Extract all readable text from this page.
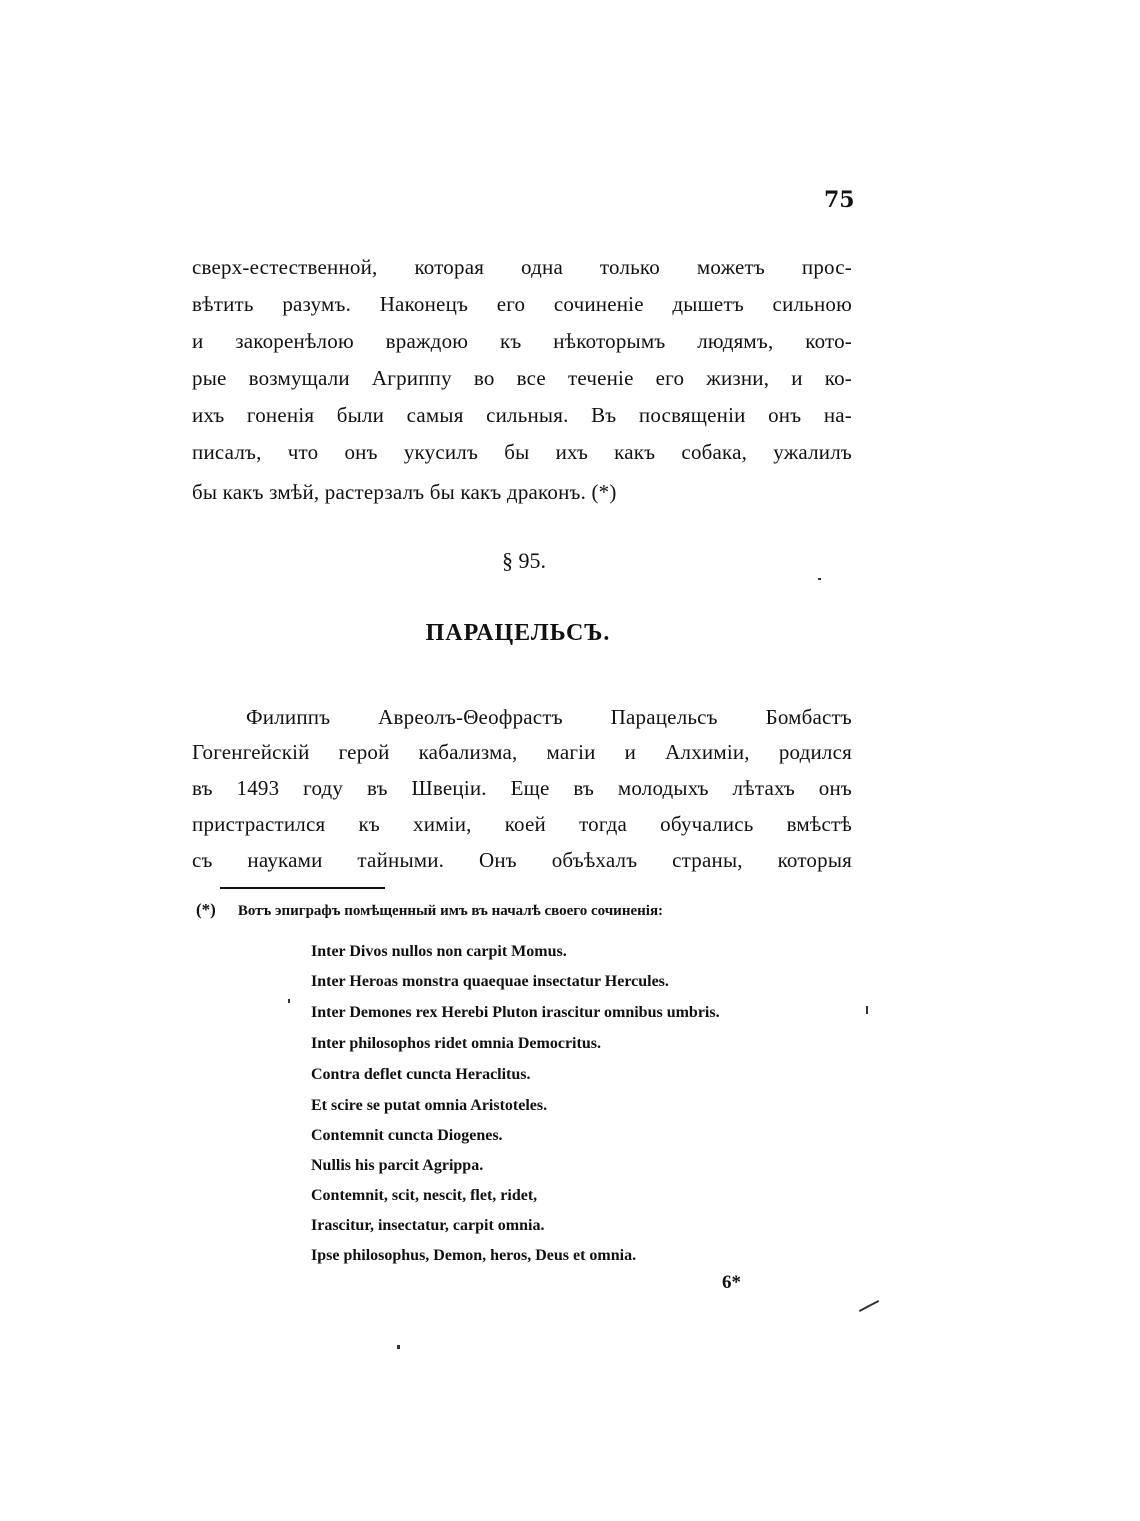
75
сверх-естественной, которая одна только можетъ прос-
вѣтить разумъ. Наконецъ его сочиненіе дышетъ сильною
и закоренѣлою враждою къ нѣкоторымъ людямъ, кото-
рые возмущали Агриппу во все теченіе его жизни, и ко-
ихъ гоненія были самыя сильныя. Въ посвященіи онъ на-
писалъ, что онъ укусилъ бы ихъ какъ собака, ужалилъ
бы какъ змѣй, растерзалъ бы какъ драконъ. (*)
§ 95.
ПАРАЦЕЛЬСЪ.
Филиппъ Авреолъ-Θеофрастъ Парацельсъ Бомбастъ
Гогенгейскій герой кабализма, магіи и Алхиміи, родился
въ 1493 году въ Швеціи. Еще въ молодыхъ лѣтахъ онъ
пристрастился къ химіи, коей тогда обучались вмѣстѣ
съ науками тайными. Онъ объѣхалъ страны, которыя
(*) Вотъ эпиграфъ помѣщенный имъ въ началѣ своего сочиненія:
Inter Divos nullos non carpit Momus.
Inter Heroas monstra quaequae insectatur Hercules.
Inter Demones rex Herebi Pluton irascitur omnibus umbris.
Inter philosophos ridet omnia Democritus.
Contra deflet cuncta Heraclitus.
Et scire se putat omnia Aristoteles.
Contemnit cuncta Diogenes.
Nullis his parcit Agrippa.
Contemnit, scit, nescit, flet, ridet,
Irascitur, insectatur, carpit omnia.
Ipse philosophus, Demon, heros, Deus et omnia.
6*
